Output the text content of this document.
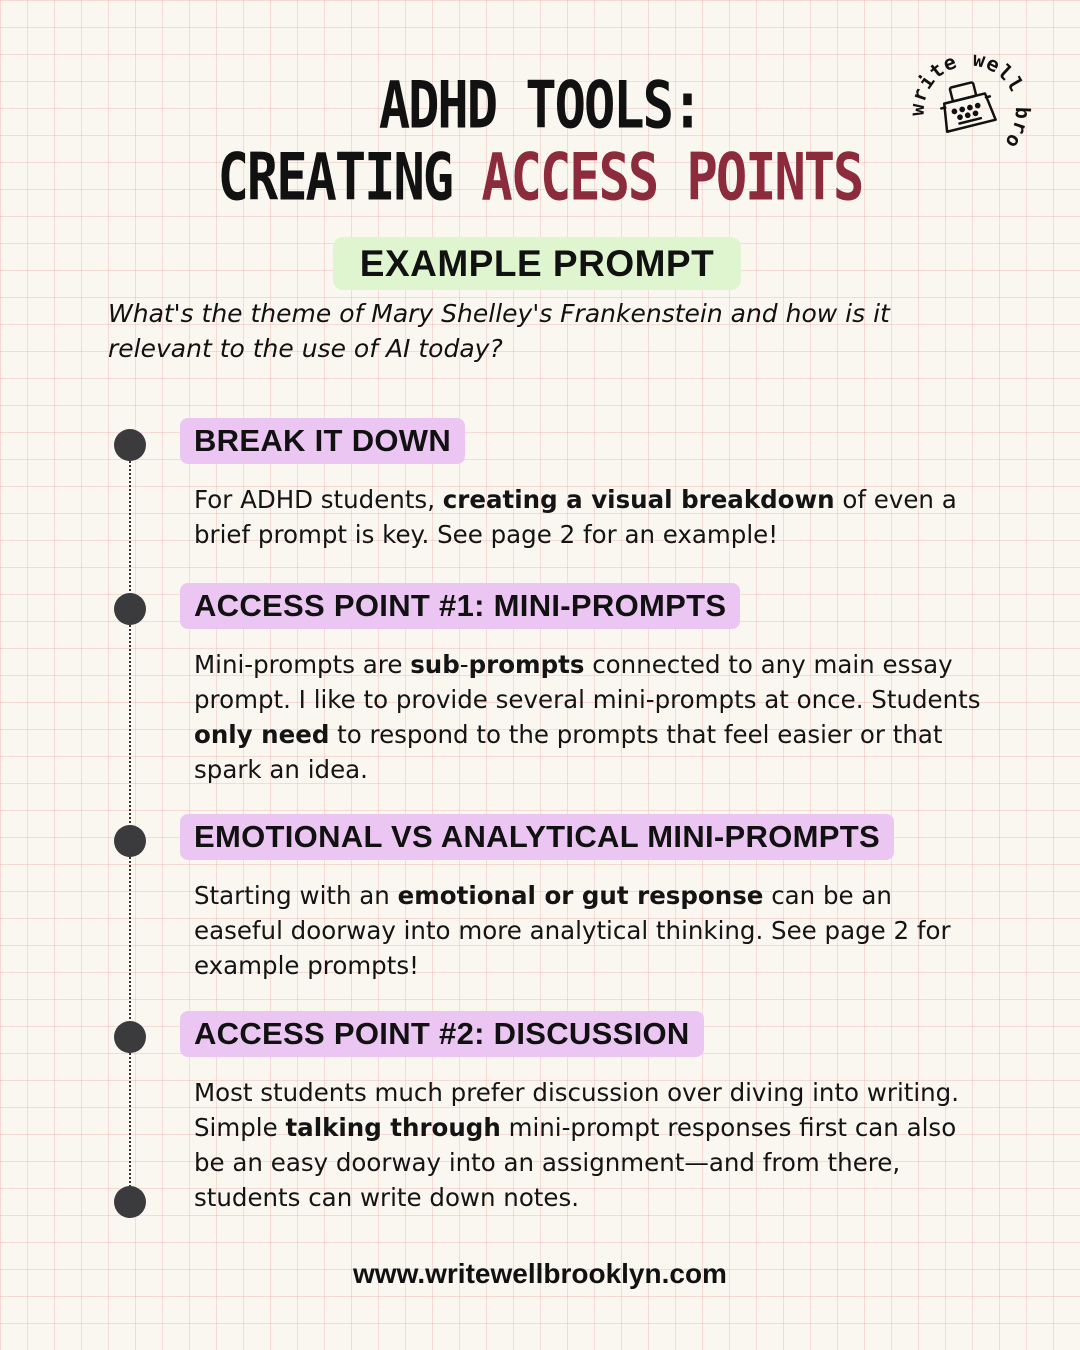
ADHD TOOLS:
CREATING ACCESS POINTS
write well bro
EXAMPLE PROMPT

What's the theme of Mary Shelley's Frankenstein and how is it relevant to the use of AI today?

BREAK IT DOWN

For ADHD students, creating a visual breakdown of even a brief prompt is key. See page 2 for an example!

ACCESS POINT #1: MINI-PROMPTS

Mini-prompts are sub-prompts connected to any main essay prompt. I like to provide several mini-prompts at once. Students only need to respond to the prompts that feel easier or that spark an idea.

EMOTIONAL VS ANALYTICAL MINI-PROMPTS

Starting with an emotional or gut response can be an easeful doorway into more analytical thinking. See page 2 for example prompts!

ACCESS POINT #2: DISCUSSION

Most students much prefer discussion over diving into writing. Simple talking through mini-prompt responses first can also be an easy doorway into an assignment—and from there, students can write down notes.

www.writewellbrooklyn.com
